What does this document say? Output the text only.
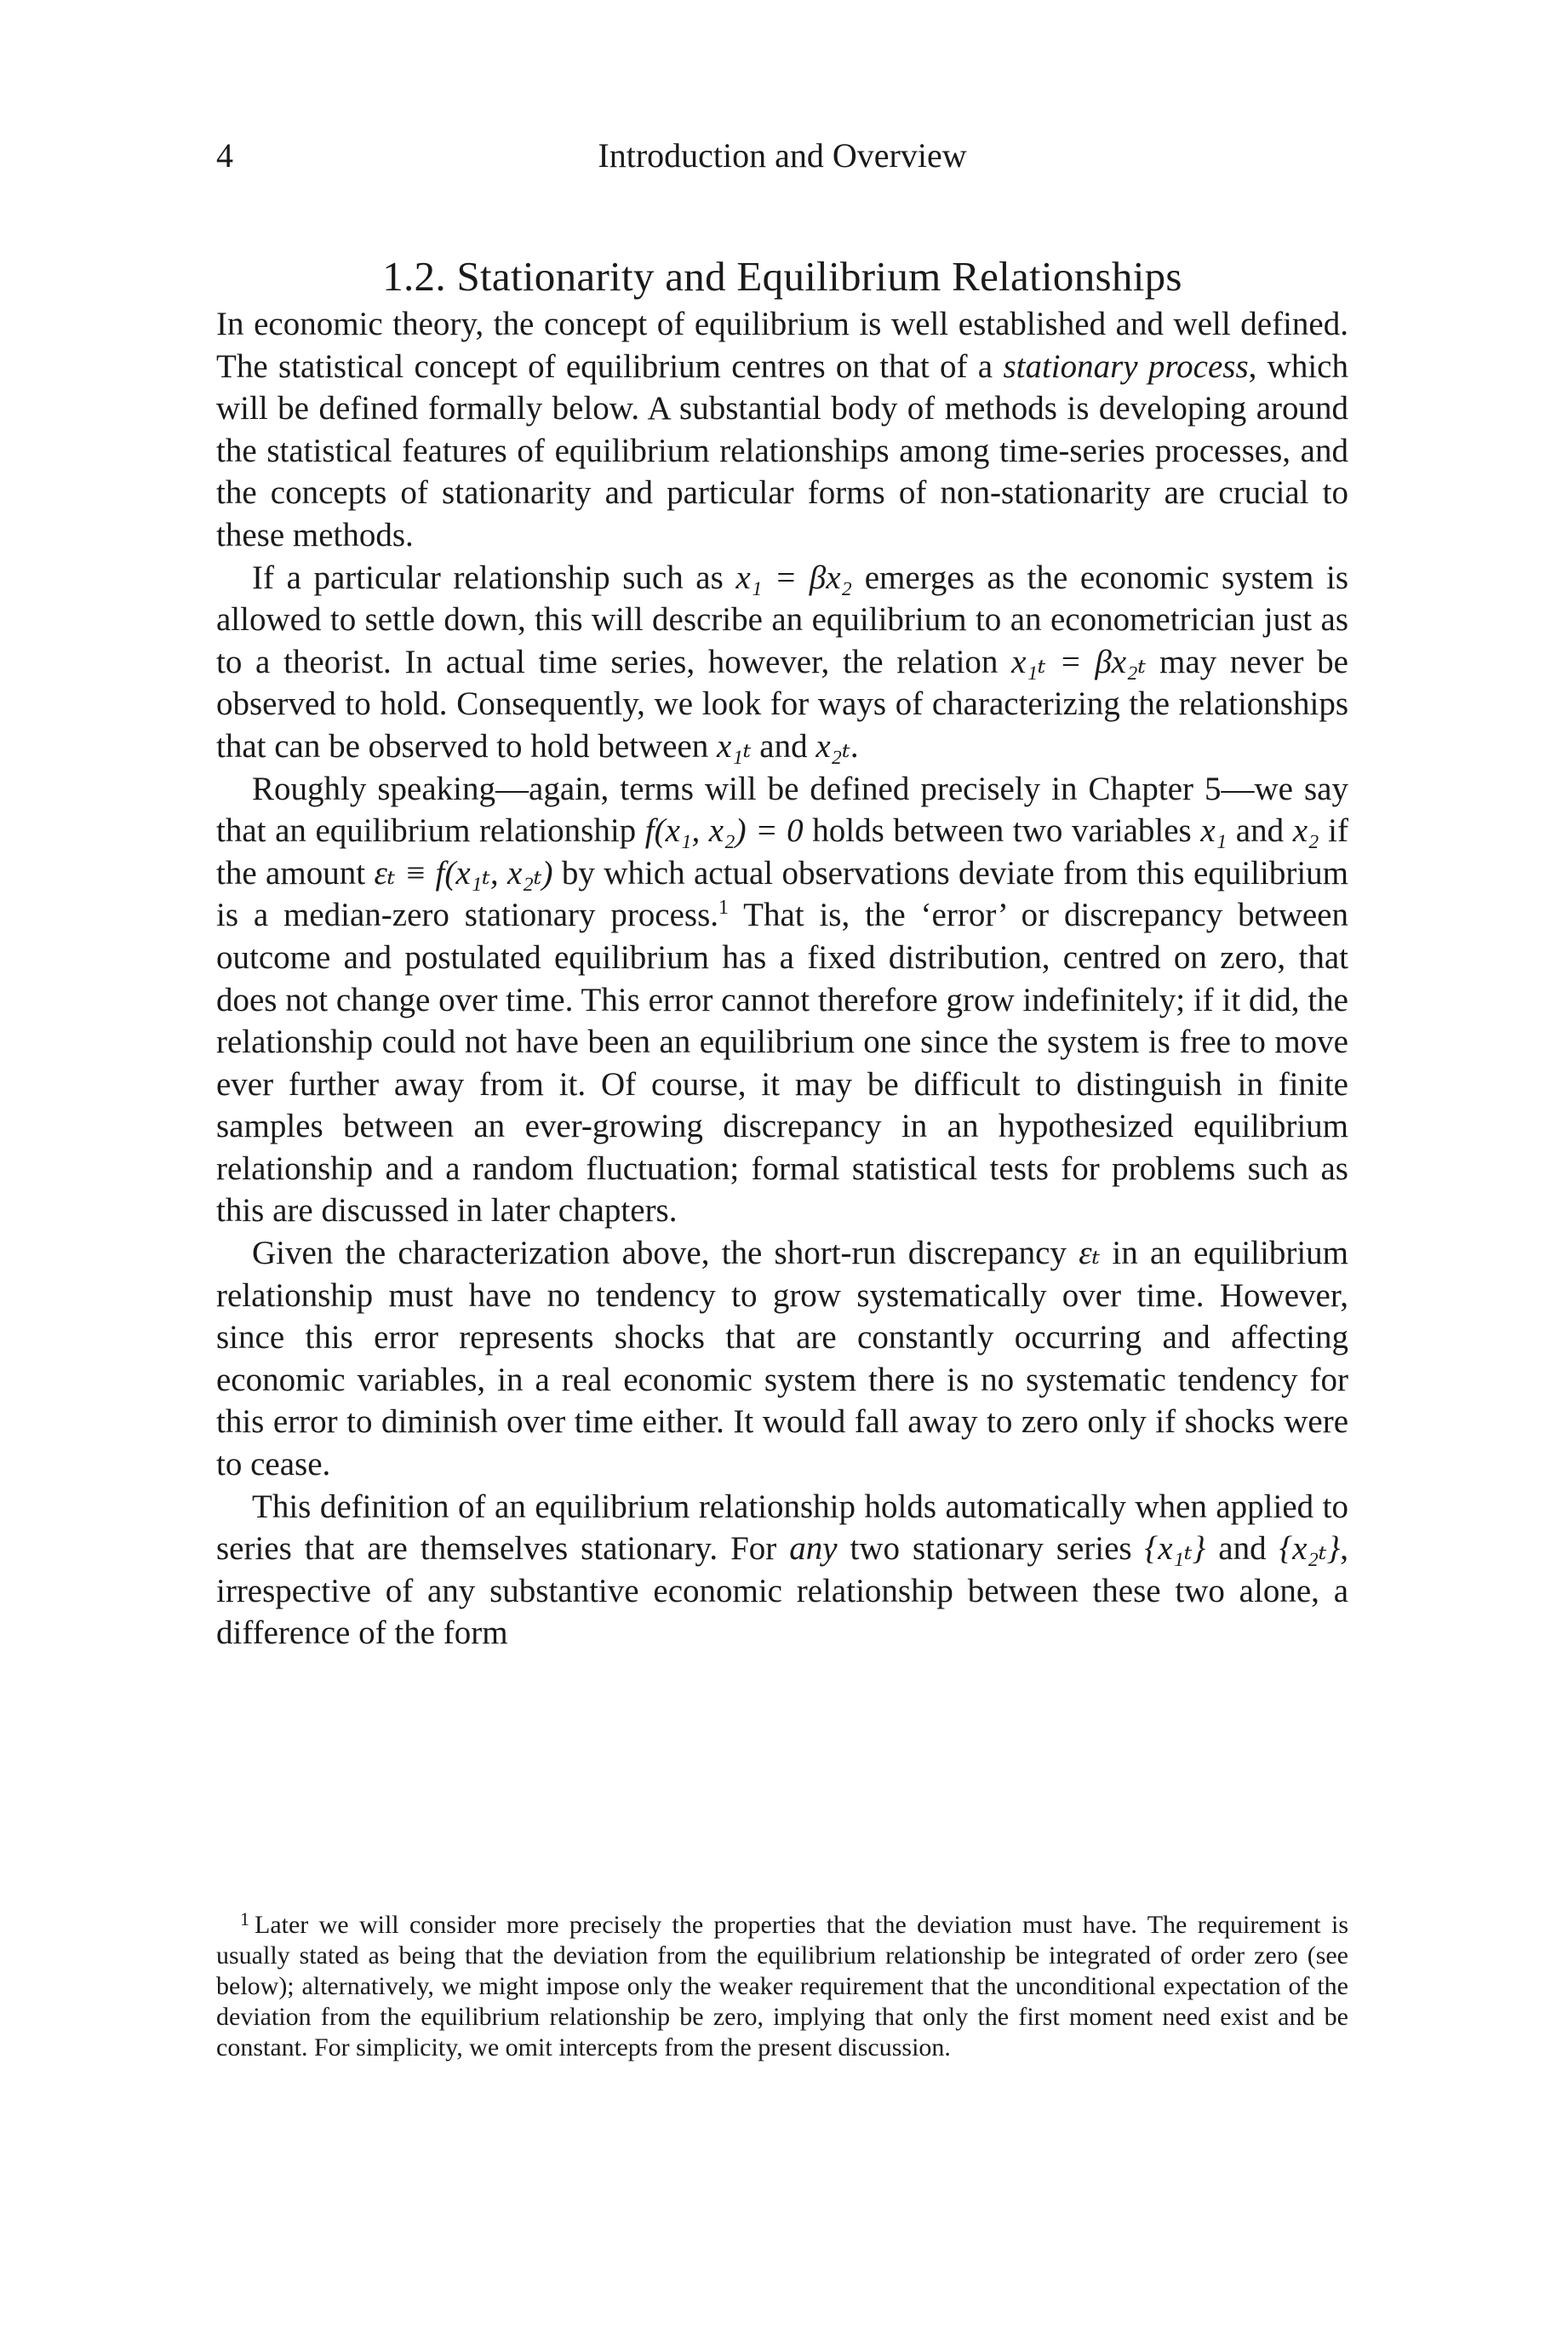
4	Introduction and Overview
1.2. Stationarity and Equilibrium Relationships

In economic theory, the concept of equilibrium is well established and well defined. The statistical concept of equilibrium centres on that of a stationary process, which will be defined formally below. A substantial body of methods is developing around the statistical features of equilibrium relationships among time-series processes, and the concepts of stationarity and particular forms of non-stationarity are crucial to these methods.

If a particular relationship such as x₁ = βx₂ emerges as the economic system is allowed to settle down, this will describe an equilibrium to an econometrician just as to a theorist. In actual time series, however, the relation x₁ₜ = βx₂ₜ may never be observed to hold. Consequently, we look for ways of characterizing the relationships that can be observed to hold between x₁ₜ and x₂ₜ.

Roughly speaking—again, terms will be defined precisely in Chapter 5—we say that an equilibrium relationship f(x₁, x₂) = 0 holds between two variables x₁ and x₂ if the amount εₜ ≡ f(x₁ₜ, x₂ₜ) by which actual observations deviate from this equilibrium is a median-zero stationary process.$^1$ That is, the ‘error’ or discrepancy between outcome and postulated equilibrium has a fixed distribution, centred on zero, that does not change over time. This error cannot therefore grow indefinitely; if it did, the relationship could not have been an equilibrium one since the system is free to move ever further away from it. Of course, it may be difficult to distinguish in finite samples between an ever-growing discrepancy in an hypothesized equilibrium relationship and a random fluctuation; formal statistical tests for problems such as this are discussed in later chapters.

Given the characterization above, the short-run discrepancy εₜ in an equilibrium relationship must have no tendency to grow systematically over time. However, since this error represents shocks that are constantly occurring and affecting economic variables, in a real economic system there is no systematic tendency for this error to diminish over time either. It would fall away to zero only if shocks were to cease.

This definition of an equilibrium relationship holds automatically when applied to series that are themselves stationary. For any two stationary series {x₁ₜ} and {x₂ₜ}, irrespective of any substantive economic relationship between these two alone, a difference of the form

$^1$ Later we will consider more precisely the properties that the deviation must have. The requirement is usually stated as being that the deviation from the equilibrium relationship be integrated of order zero (see below); alternatively, we might impose only the weaker requirement that the unconditional expectation of the deviation from the equilibrium relationship be zero, implying that only the first moment need exist and be constant. For simplicity, we omit intercepts from the present discussion.
